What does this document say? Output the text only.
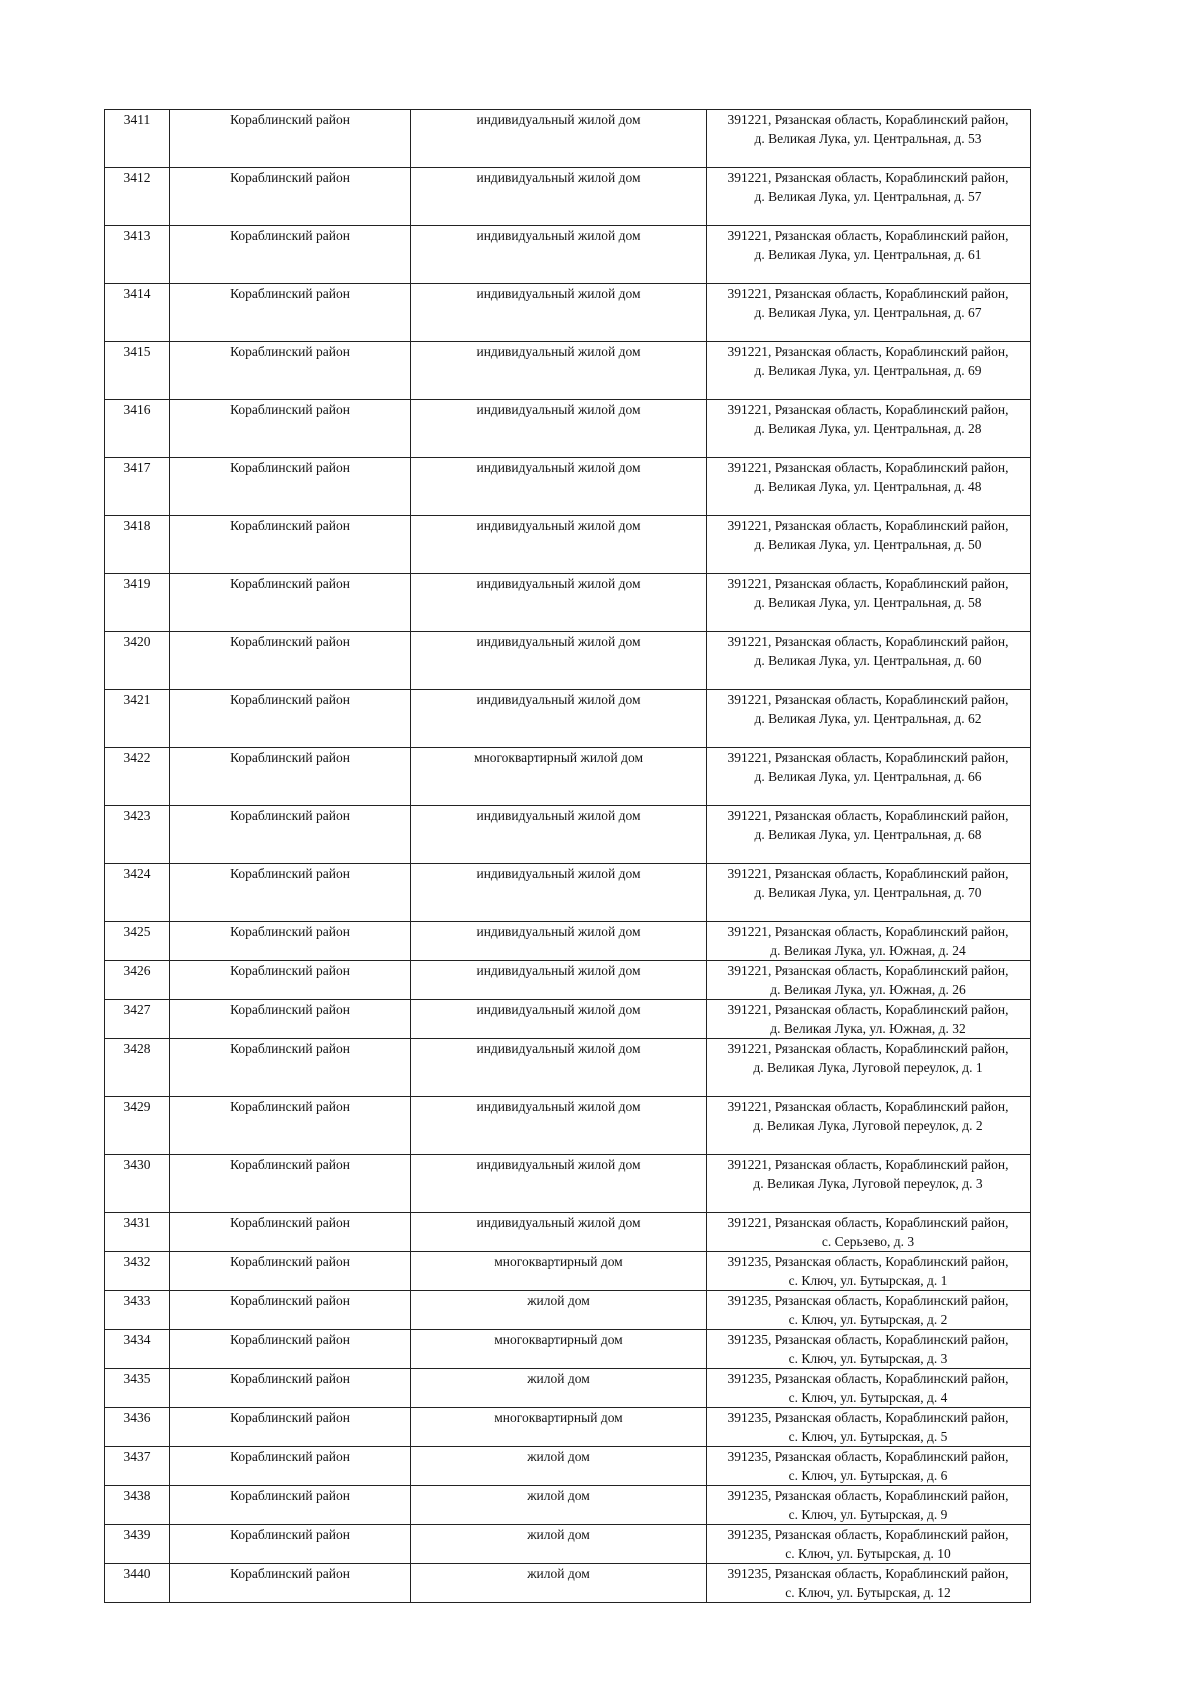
3411	Кораблинский район	индивидуальный жилой дом	391221, Рязанская область, Кораблинский район,
д. Великая Лука, ул. Центральная, д. 53

3412	Кораблинский район	индивидуальный жилой дом	391221, Рязанская область, Кораблинский район,
д. Великая Лука, ул. Центральная, д. 57

3413	Кораблинский район	индивидуальный жилой дом	391221, Рязанская область, Кораблинский район,
д. Великая Лука, ул. Центральная, д. 61

3414	Кораблинский район	индивидуальный жилой дом	391221, Рязанская область, Кораблинский район,
д. Великая Лука, ул. Центральная, д. 67

3415	Кораблинский район	индивидуальный жилой дом	391221, Рязанская область, Кораблинский район,
д. Великая Лука, ул. Центральная, д. 69

3416	Кораблинский район	индивидуальный жилой дом	391221, Рязанская область, Кораблинский район,
д. Великая Лука, ул. Центральная, д. 28

3417	Кораблинский район	индивидуальный жилой дом	391221, Рязанская область, Кораблинский район,
д. Великая Лука, ул. Центральная, д. 48

3418	Кораблинский район	индивидуальный жилой дом	391221, Рязанская область, Кораблинский район,
д. Великая Лука, ул. Центральная, д. 50

3419	Кораблинский район	индивидуальный жилой дом	391221, Рязанская область, Кораблинский район,
д. Великая Лука, ул. Центральная, д. 58

3420	Кораблинский район	индивидуальный жилой дом	391221, Рязанская область, Кораблинский район,
д. Великая Лука, ул. Центральная, д. 60

3421	Кораблинский район	индивидуальный жилой дом	391221, Рязанская область, Кораблинский район,
д. Великая Лука, ул. Центральная, д. 62

3422	Кораблинский район	многоквартирный жилой дом	391221, Рязанская область, Кораблинский район,
д. Великая Лука, ул. Центральная, д. 66

3423	Кораблинский район	индивидуальный жилой дом	391221, Рязанская область, Кораблинский район,
д. Великая Лука, ул. Центральная, д. 68

3424	Кораблинский район	индивидуальный жилой дом	391221, Рязанская область, Кораблинский район,
д. Великая Лука, ул. Центральная, д. 70

3425	Кораблинский район	индивидуальный жилой дом	391221, Рязанская область, Кораблинский район,
д. Великая Лука, ул. Южная, д. 24

3426	Кораблинский район	индивидуальный жилой дом	391221, Рязанская область, Кораблинский район,
д. Великая Лука, ул. Южная, д. 26

3427	Кораблинский район	индивидуальный жилой дом	391221, Рязанская область, Кораблинский район,
д. Великая Лука, ул. Южная, д. 32

3428	Кораблинский район	индивидуальный жилой дом	391221, Рязанская область, Кораблинский район,
д. Великая Лука, Луговой переулок, д. 1

3429	Кораблинский район	индивидуальный жилой дом	391221, Рязанская область, Кораблинский район,
д. Великая Лука, Луговой переулок, д. 2

3430	Кораблинский район	индивидуальный жилой дом	391221, Рязанская область, Кораблинский район,
д. Великая Лука, Луговой переулок, д. 3

3431	Кораблинский район	индивидуальный жилой дом	391221, Рязанская область, Кораблинский район,
с. Серьзево, д. 3

3432	Кораблинский район	многоквартирный дом	391235, Рязанская область, Кораблинский район,
с. Ключ, ул. Бутырская, д. 1

3433	Кораблинский район	жилой дом	391235, Рязанская область, Кораблинский район,
с. Ключ, ул. Бутырская, д. 2

3434	Кораблинский район	многоквартирный дом	391235, Рязанская область, Кораблинский район,
с. Ключ, ул. Бутырская, д. 3

3435	Кораблинский район	жилой дом	391235, Рязанская область, Кораблинский район,
с. Ключ, ул. Бутырская, д. 4

3436	Кораблинский район	многоквартирный дом	391235, Рязанская область, Кораблинский район,
с. Ключ, ул. Бутырская, д. 5

3437	Кораблинский район	жилой дом	391235, Рязанская область, Кораблинский район,
с. Ключ, ул. Бутырская, д. 6

3438	Кораблинский район	жилой дом	391235, Рязанская область, Кораблинский район,
с. Ключ, ул. Бутырская, д. 9

3439	Кораблинский район	жилой дом	391235, Рязанская область, Кораблинский район,
с. Ключ, ул. Бутырская, д. 10

3440	Кораблинский район	жилой дом	391235, Рязанская область, Кораблинский район,
с. Ключ, ул. Бутырская, д. 12
